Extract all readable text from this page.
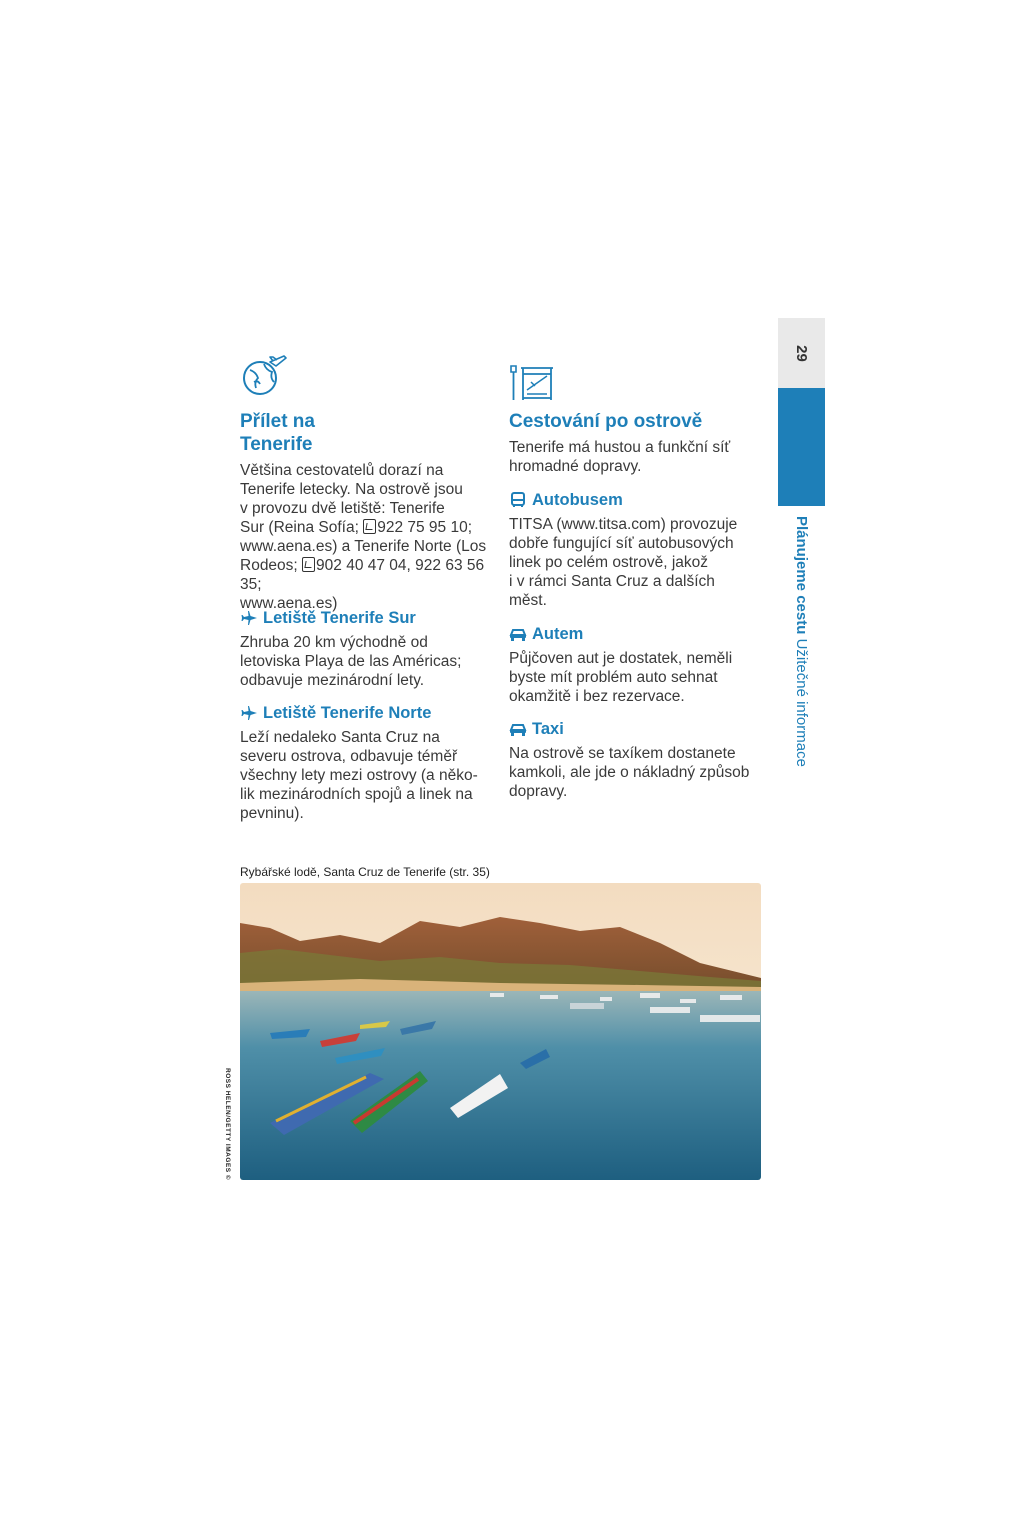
29
Plánujeme cestu Užitečné informace

Přílet na

Tenerife

Většina cestovatelů dorazí na

Tenerife letecky. Na ostrově jsou

v provozu dvě letiště: Tenerife

Sur (Reina Sofía; 922 75 95 10;

www.aena.es) a Tenerife Norte (Los

Rodeos; 902 40 47 04, 922 63 56 35;

www.aena.es)

Letiště Tenerife Sur

Zhruba 20 km východně od

letoviska Playa de las Américas;

odbavuje mezinárodní lety.

Letiště Tenerife Norte

Leží nedaleko Santa Cruz na

severu ostrova, odbavuje téměř

všechny lety mezi ostrovy (a něko-

lik mezinárodních spojů a linek na

pevninu).

Cestování po ostrově

Tenerife má hustou a funkční síť

hromadné dopravy.

Autobusem

TITSA (www.titsa.com) provozuje

dobře fungující síť autobusových

linek po celém ostrově, jakož

i v rámci Santa Cruz a dalších

měst.

Autem

Půjčoven aut je dostatek, neměli

byste mít problém auto sehnat

okamžitě i bez rezervace.

Taxi

Na ostrově se taxíkem dostanete

kamkoli, ale jde o nákladný způsob

dopravy.

Rybářské lodě, Santa Cruz de Tenerife (str. 35)

ROSS HELEN/GETTY IMAGES ©
